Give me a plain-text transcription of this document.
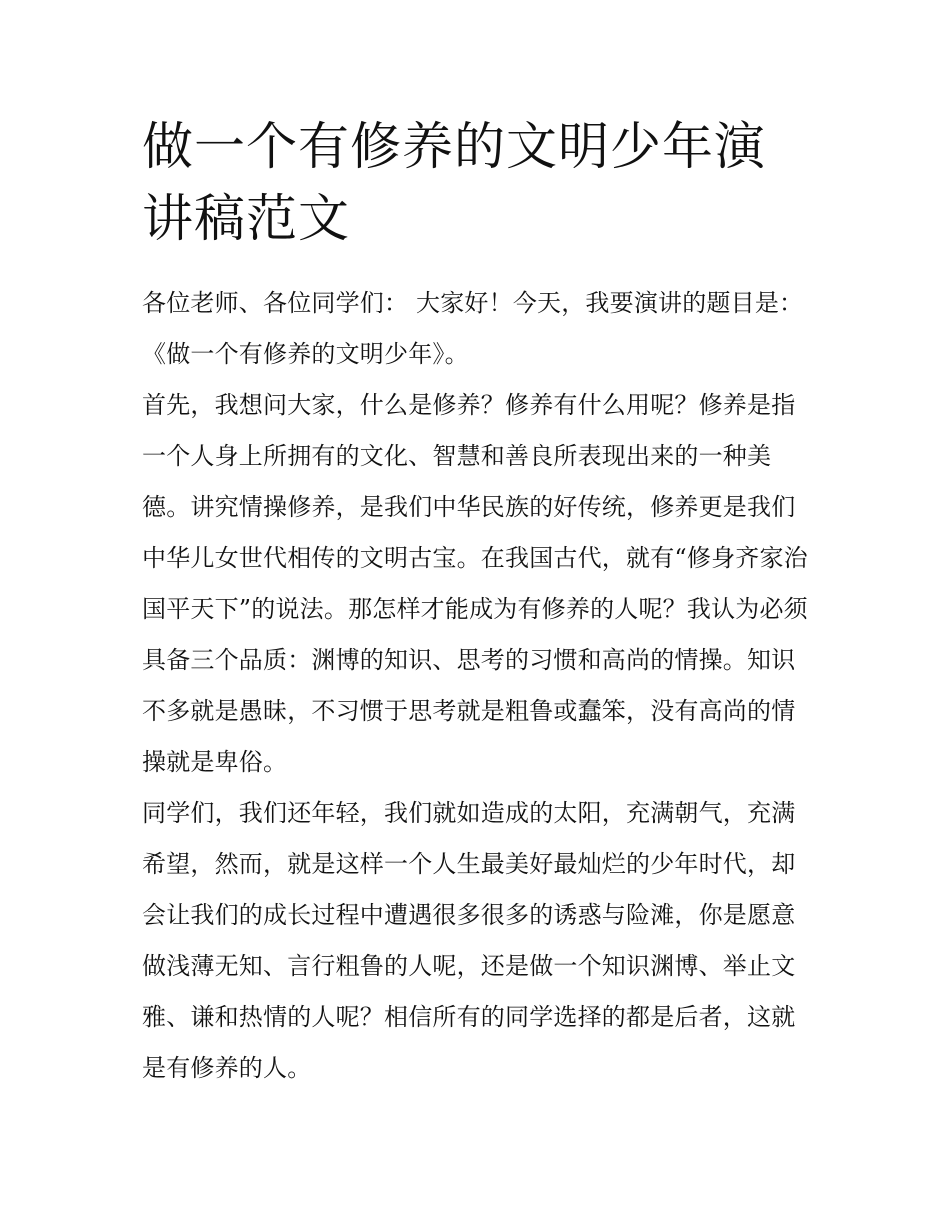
做一个有修养的文明少年演讲稿范文

各位老师、各位同学们： 大家好！今天，我要演讲的题目是：《做一个有修养的文明少年》。

首先，我想问大家，什么是修养？修养有什么用呢？修养是指一个人身上所拥有的文化、智慧和善良所表现出来的一种美德。讲究情操修养，是我们中华民族的好传统，修养更是我们中华儿女世代相传的文明古宝。在我国古代，就有“修身齐家治国平天下”的说法。那怎样才能成为有修养的人呢？我认为必须具备三个品质：渊博的知识、思考的习惯和高尚的情操。知识不多就是愚昧，不习惯于思考就是粗鲁或蠢笨，没有高尚的情操就是卑俗。

同学们，我们还年轻，我们就如造成的太阳，充满朝气，充满希望，然而，就是这样一个人生最美好最灿烂的少年时代，却会让我们的成长过程中遭遇很多很多的诱惑与险滩，你是愿意做浅薄无知、言行粗鲁的人呢，还是做一个知识渊博、举止文雅、谦和热情的人呢？相信所有的同学选择的都是后者，这就是有修养的人。
